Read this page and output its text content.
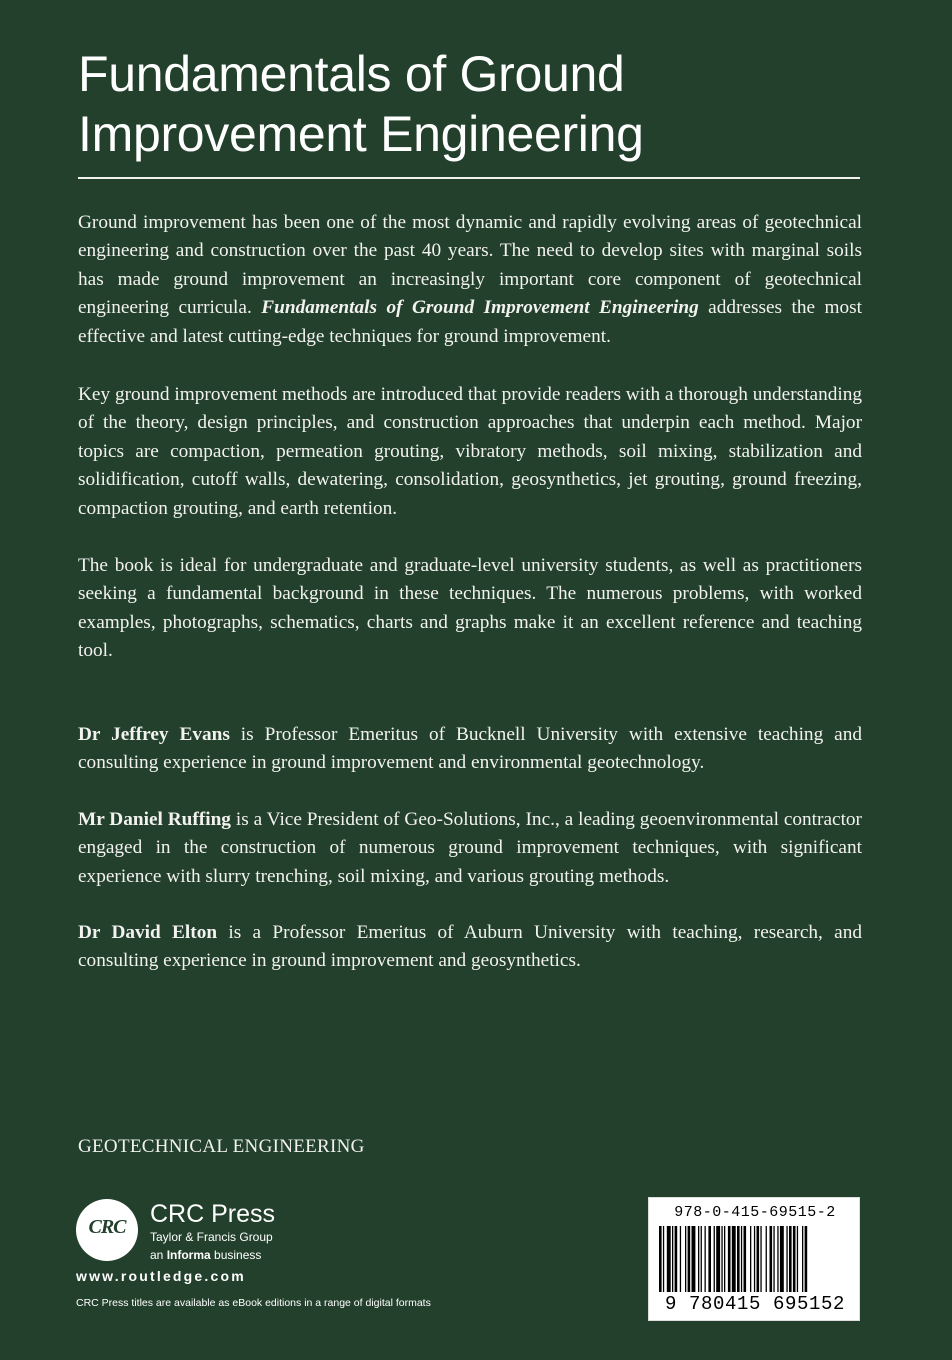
Fundamentals of Ground
Improvement Engineering

Ground improvement has been one of the most dynamic and rapidly evolving areas of geotechnical engineering and construction over the past 40 years. The need to develop sites with marginal soils has made ground improvement an increasingly important core component of geotechnical engineering curricula. Fundamentals of Ground Improvement Engineering addresses the most effective and latest cutting-edge techniques for ground improvement.

Key ground improvement methods are introduced that provide readers with a thorough understanding of the theory, design principles, and construction approaches that underpin each method. Major topics are compaction, permeation grouting, vibratory methods, soil mixing, stabilization and solidification, cutoff walls, dewatering, consolidation, geosynthetics, jet grouting, ground freezing, compaction grouting, and earth retention.

The book is ideal for undergraduate and graduate-level university students, as well as practitioners seeking a fundamental background in these techniques. The numerous problems, with worked examples, photographs, schematics, charts and graphs make it an excellent reference and teaching tool.

Dr Jeffrey Evans is Professor Emeritus of Bucknell University with extensive teaching and consulting experience in ground improvement and environmental geotechnology.

Mr Daniel Ruffing is a Vice President of Geo-Solutions, Inc., a leading geoenvironmental contractor engaged in the construction of numerous ground improvement techniques, with significant experience with slurry trenching, soil mixing, and various grouting methods.

Dr David Elton is a Professor Emeritus of Auburn University with teaching, research, and consulting experience in ground improvement and geosynthetics.

GEOTECHNICAL ENGINEERING
CRC CRC Press
Taylor & Francis Group
an Informa business
www.routledge.com
CRC Press titles are available as eBook editions in a range of digital formats
978-0-415-69515-2
9 780415 695152
